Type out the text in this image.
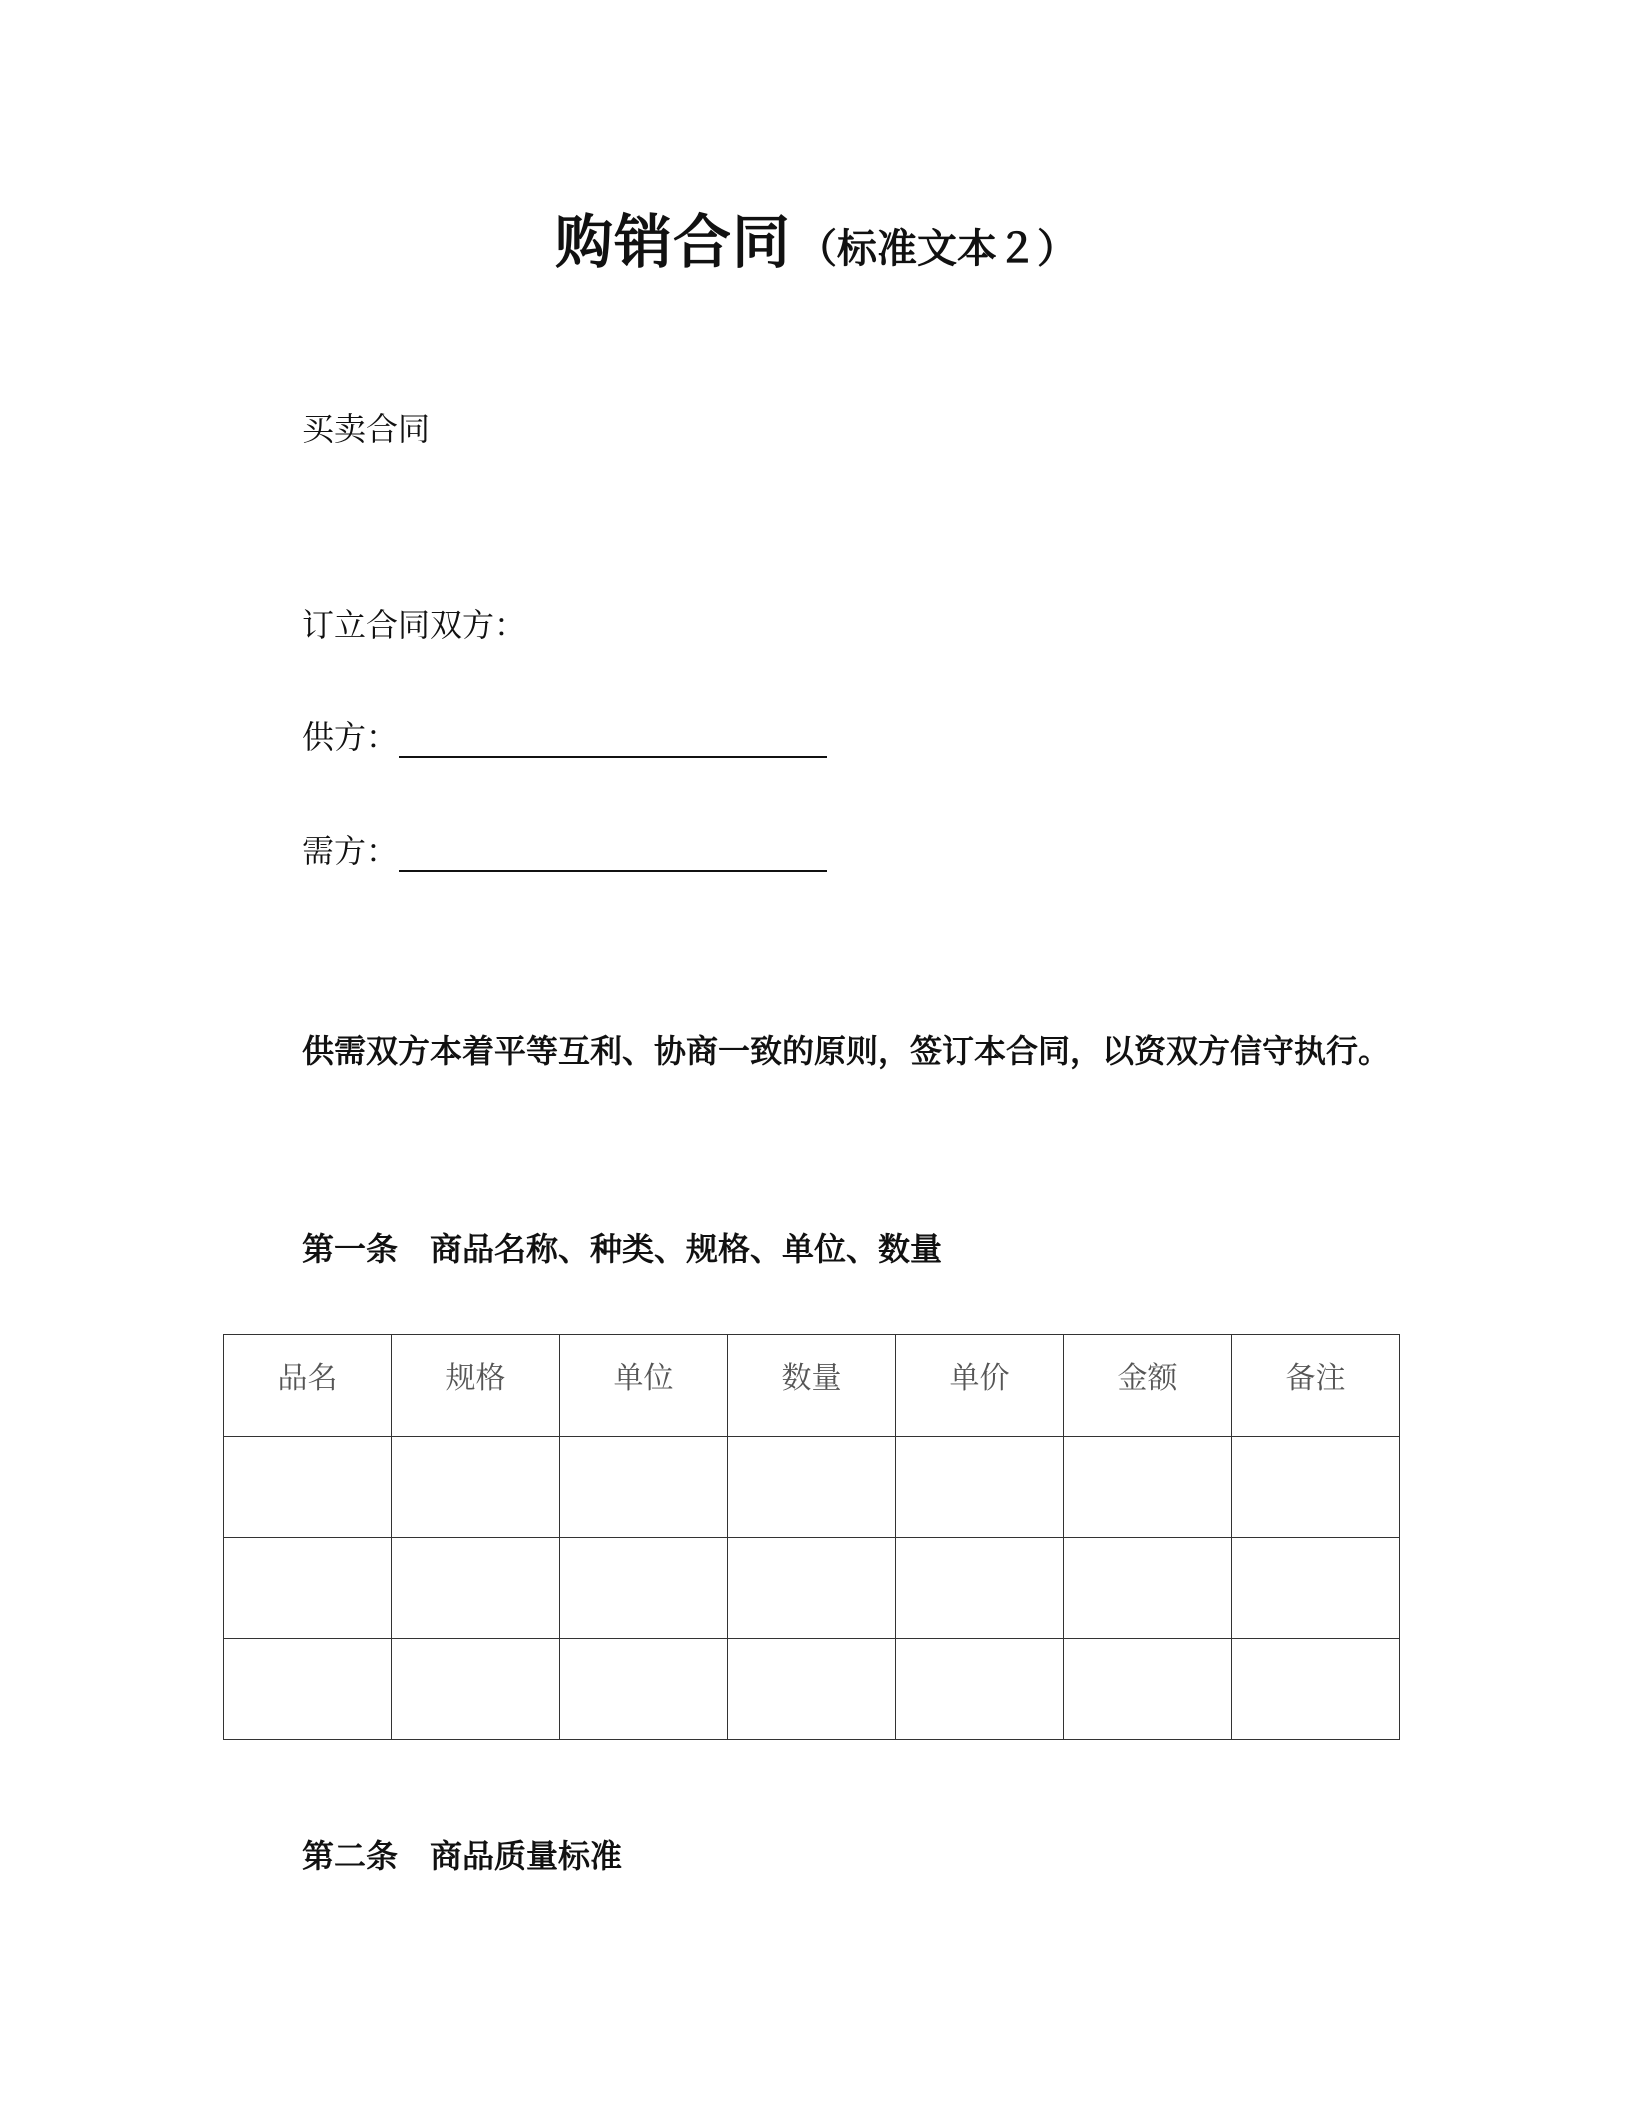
购销合同 （标准文本２）
买卖合同
订立合同双方：
供方：
需方：
供需双方本着平等互利、协商一致的原则，签订本合同，以资双方信守执行。
第一条 商品名称、种类、规格、单位、数量
品名	规格	单位	数量	单价	金额	备注

第二条 商品质量标准
